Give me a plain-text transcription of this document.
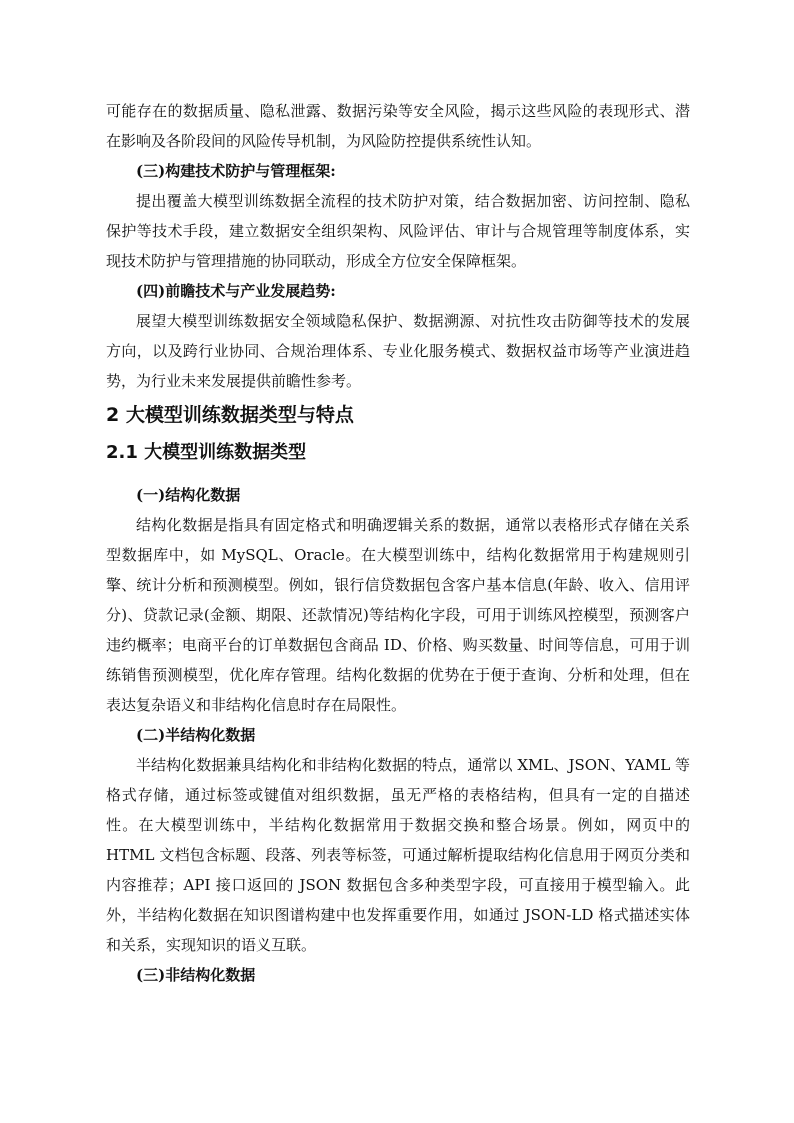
可能存在的数据质量、隐私泄露、数据污染等安全风险，揭示这些风险的表现形式、潜在影响及各阶段间的风险传导机制，为风险防控提供系统性认知。

(三)构建技术防护与管理框架:

提出覆盖大模型训练数据全流程的技术防护对策，结合数据加密、访问控制、隐私保护等技术手段，建立数据安全组织架构、风险评估、审计与合规管理等制度体系，实现技术防护与管理措施的协同联动，形成全方位安全保障框架。

(四)前瞻技术与产业发展趋势:

展望大模型训练数据安全领域隐私保护、数据溯源、对抗性攻击防御等技术的发展方向，以及跨行业协同、合规治理体系、专业化服务模式、数据权益市场等产业演进趋势，为行业未来发展提供前瞻性参考。

2 大模型训练数据类型与特点
2.1 大模型训练数据类型

(一)结构化数据

结构化数据是指具有固定格式和明确逻辑关系的数据，通常以表格形式存储在关系型数据库中，如 MySQL、Oracle。在大模型训练中，结构化数据常用于构建规则引擎、统计分析和预测模型。例如，银行信贷数据包含客户基本信息(年龄、收入、信用评分)、贷款记录(金额、期限、还款情况)等结构化字段，可用于训练风控模型，预测客户违约概率；电商平台的订单数据包含商品 ID、价格、购买数量、时间等信息，可用于训练销售预测模型，优化库存管理。结构化数据的优势在于便于查询、分析和处理，但在表达复杂语义和非结构化信息时存在局限性。

(二)半结构化数据

半结构化数据兼具结构化和非结构化数据的特点，通常以 XML、JSON、YAML 等格式存储，通过标签或键值对组织数据，虽无严格的表格结构，但具有一定的自描述性。在大模型训练中，半结构化数据常用于数据交换和整合场景。例如，网页中的 HTML 文档包含标题、段落、列表等标签，可通过解析提取结构化信息用于网页分类和内容推荐；API 接口返回的 JSON 数据包含多种类型字段，可直接用于模型输入。此外，半结构化数据在知识图谱构建中也发挥重要作用，如通过 JSON-LD 格式描述实体和关系，实现知识的语义互联。

(三)非结构化数据
